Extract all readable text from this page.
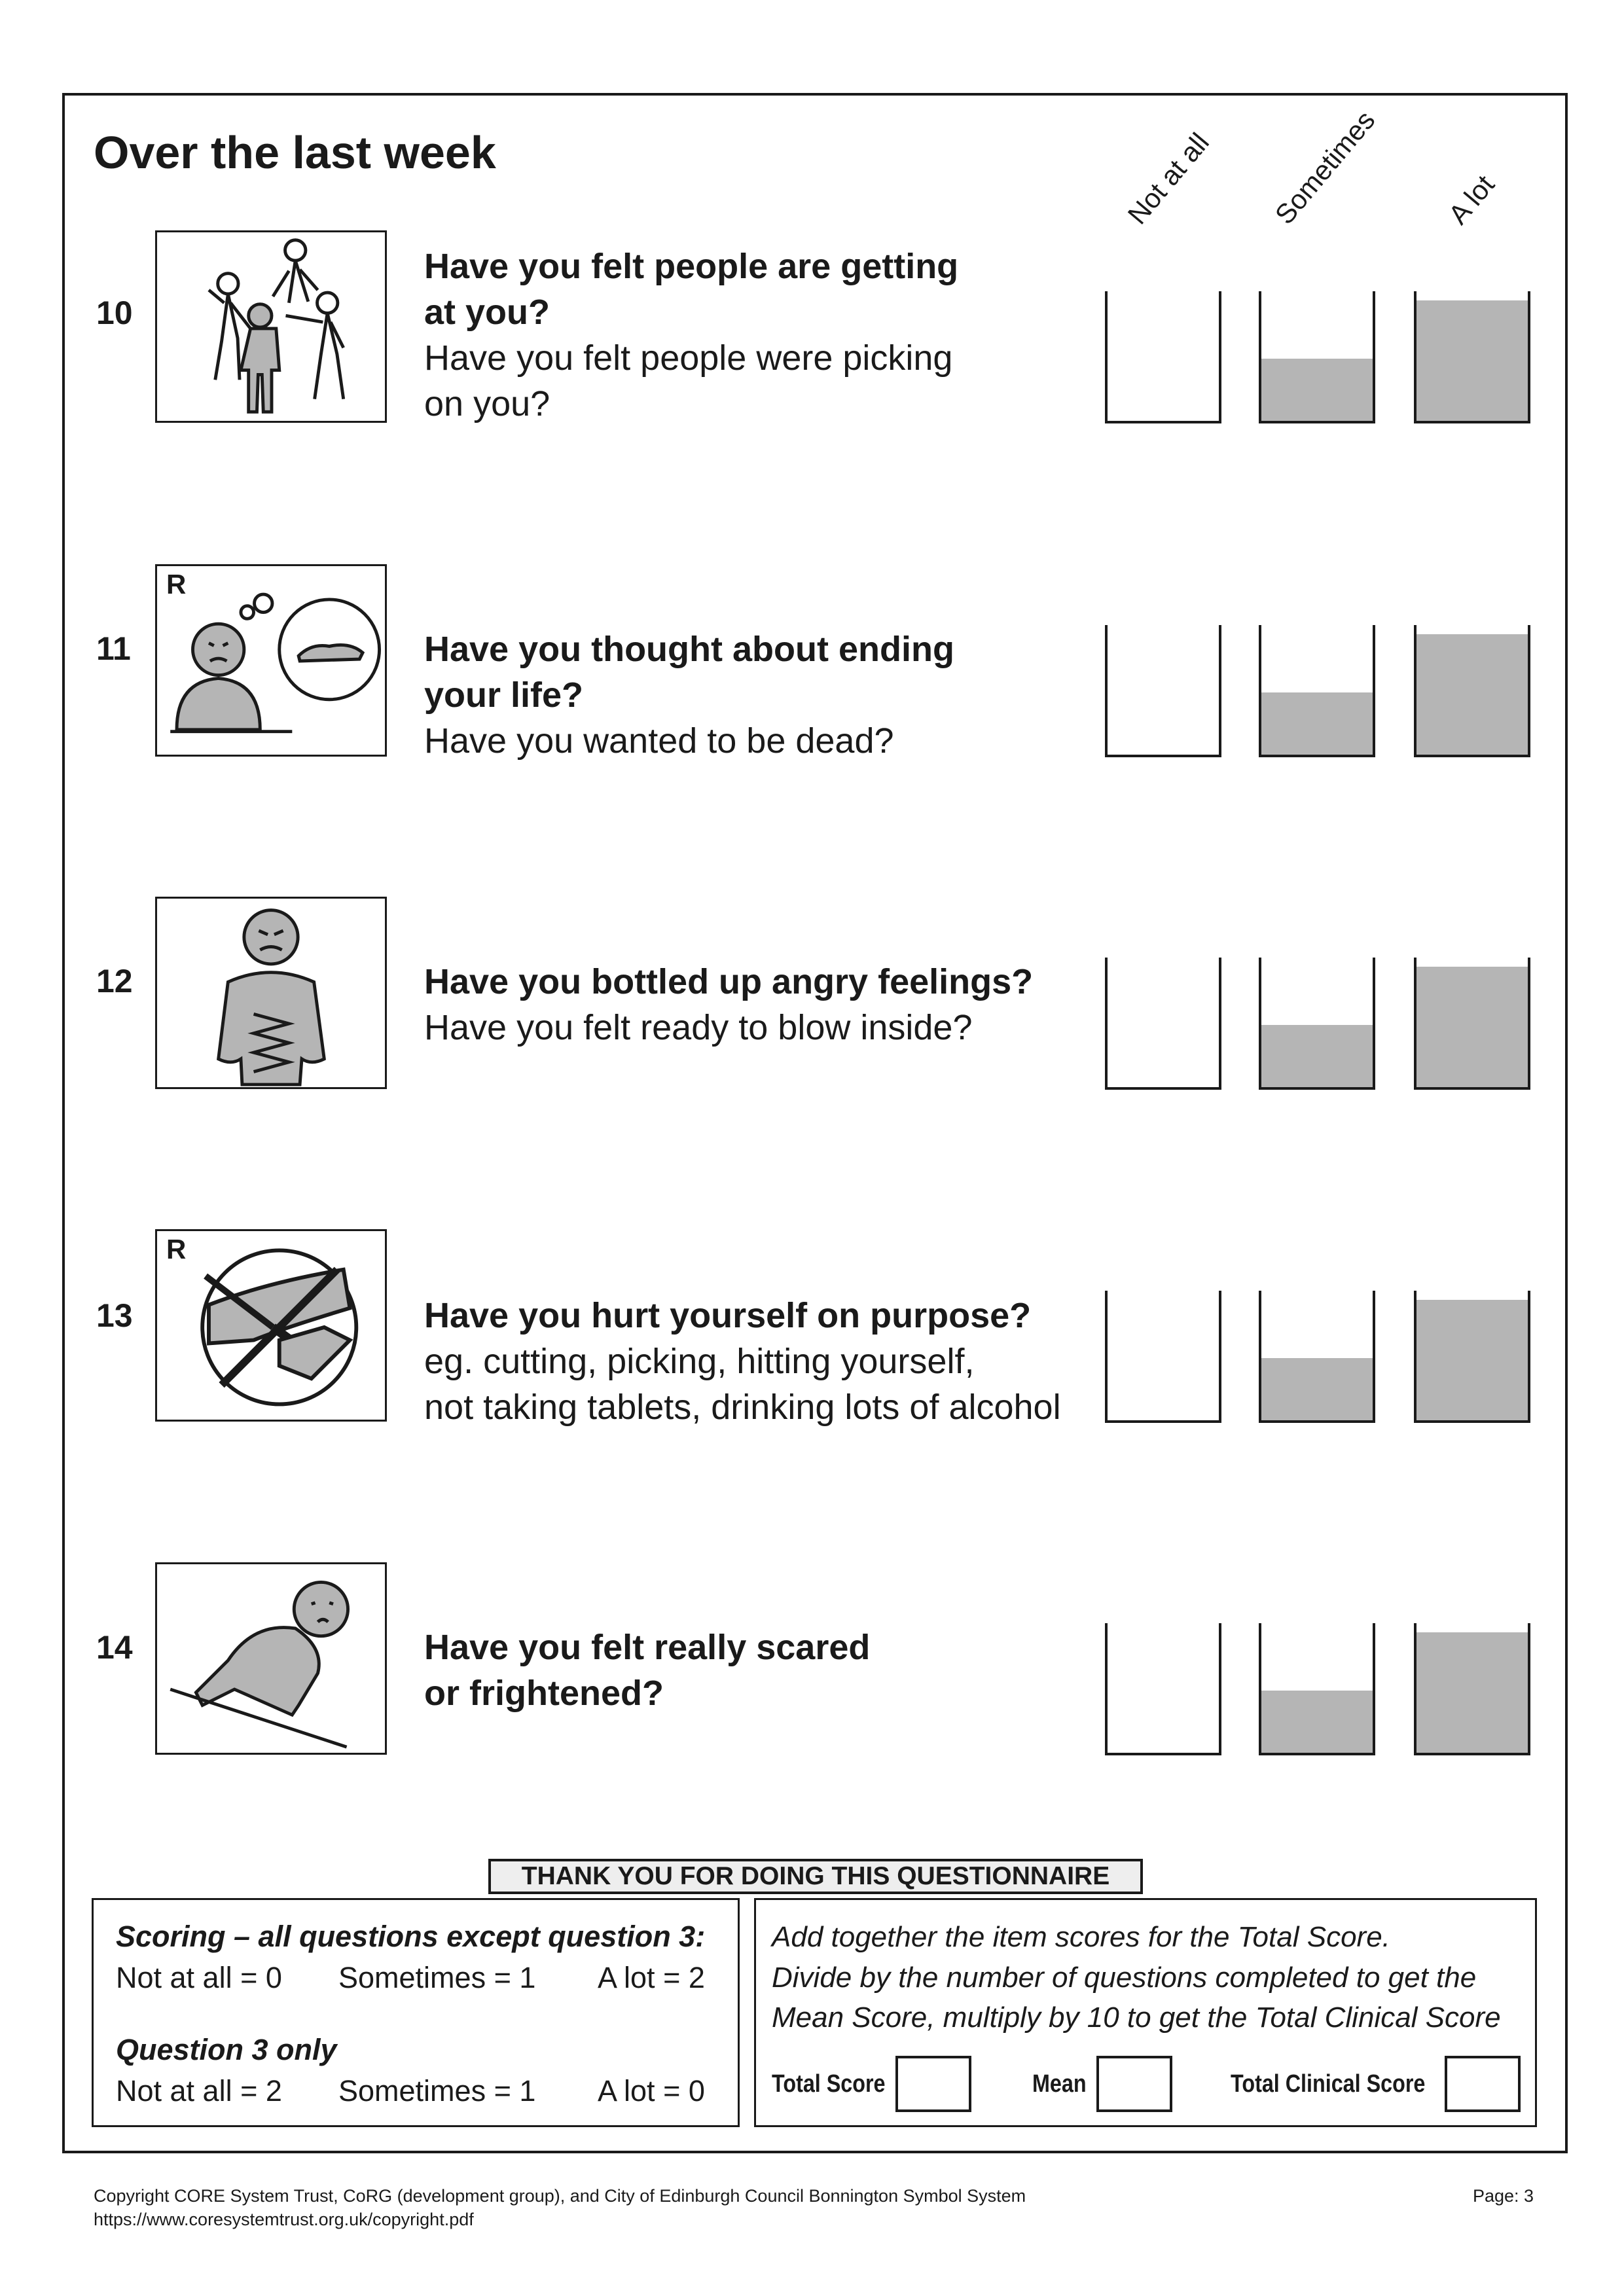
Over the last week	Not at all Sometimes A lot
10
Have you felt people are getting
at you?
Have you felt people were picking
on you?
11
R
Have you thought about ending
your life?
Have you wanted to be dead?
12	Have you bottled up angry feelings?
Have you felt ready to blow inside?
13
R
Have you hurt yourself on purpose?
eg. cutting, picking, hitting yourself,
not taking tablets, drinking lots of alcohol
14	Have you felt really scared
or frightened?
THANK YOU FOR DOING THIS QUESTIONNAIRE
Scoring – all questions except question 3:
Not at all = 0 Sometimes = 1 A lot = 2
Question 3 only
Not at all = 2 Sometimes = 1 A lot = 0
Add together the item scores for the Total Score.
Divide by the number of questions completed to get the
Mean Score, multiply by 10 to get the Total Clinical Score
Total Score	Mean	Total Clinical Score
Copyright CORE System Trust, CoRG (development group), and City of Edinburgh Council Bonnington Symbol System
https://www.coresystemtrust.org.uk/copyright.pdf
Page: 3
